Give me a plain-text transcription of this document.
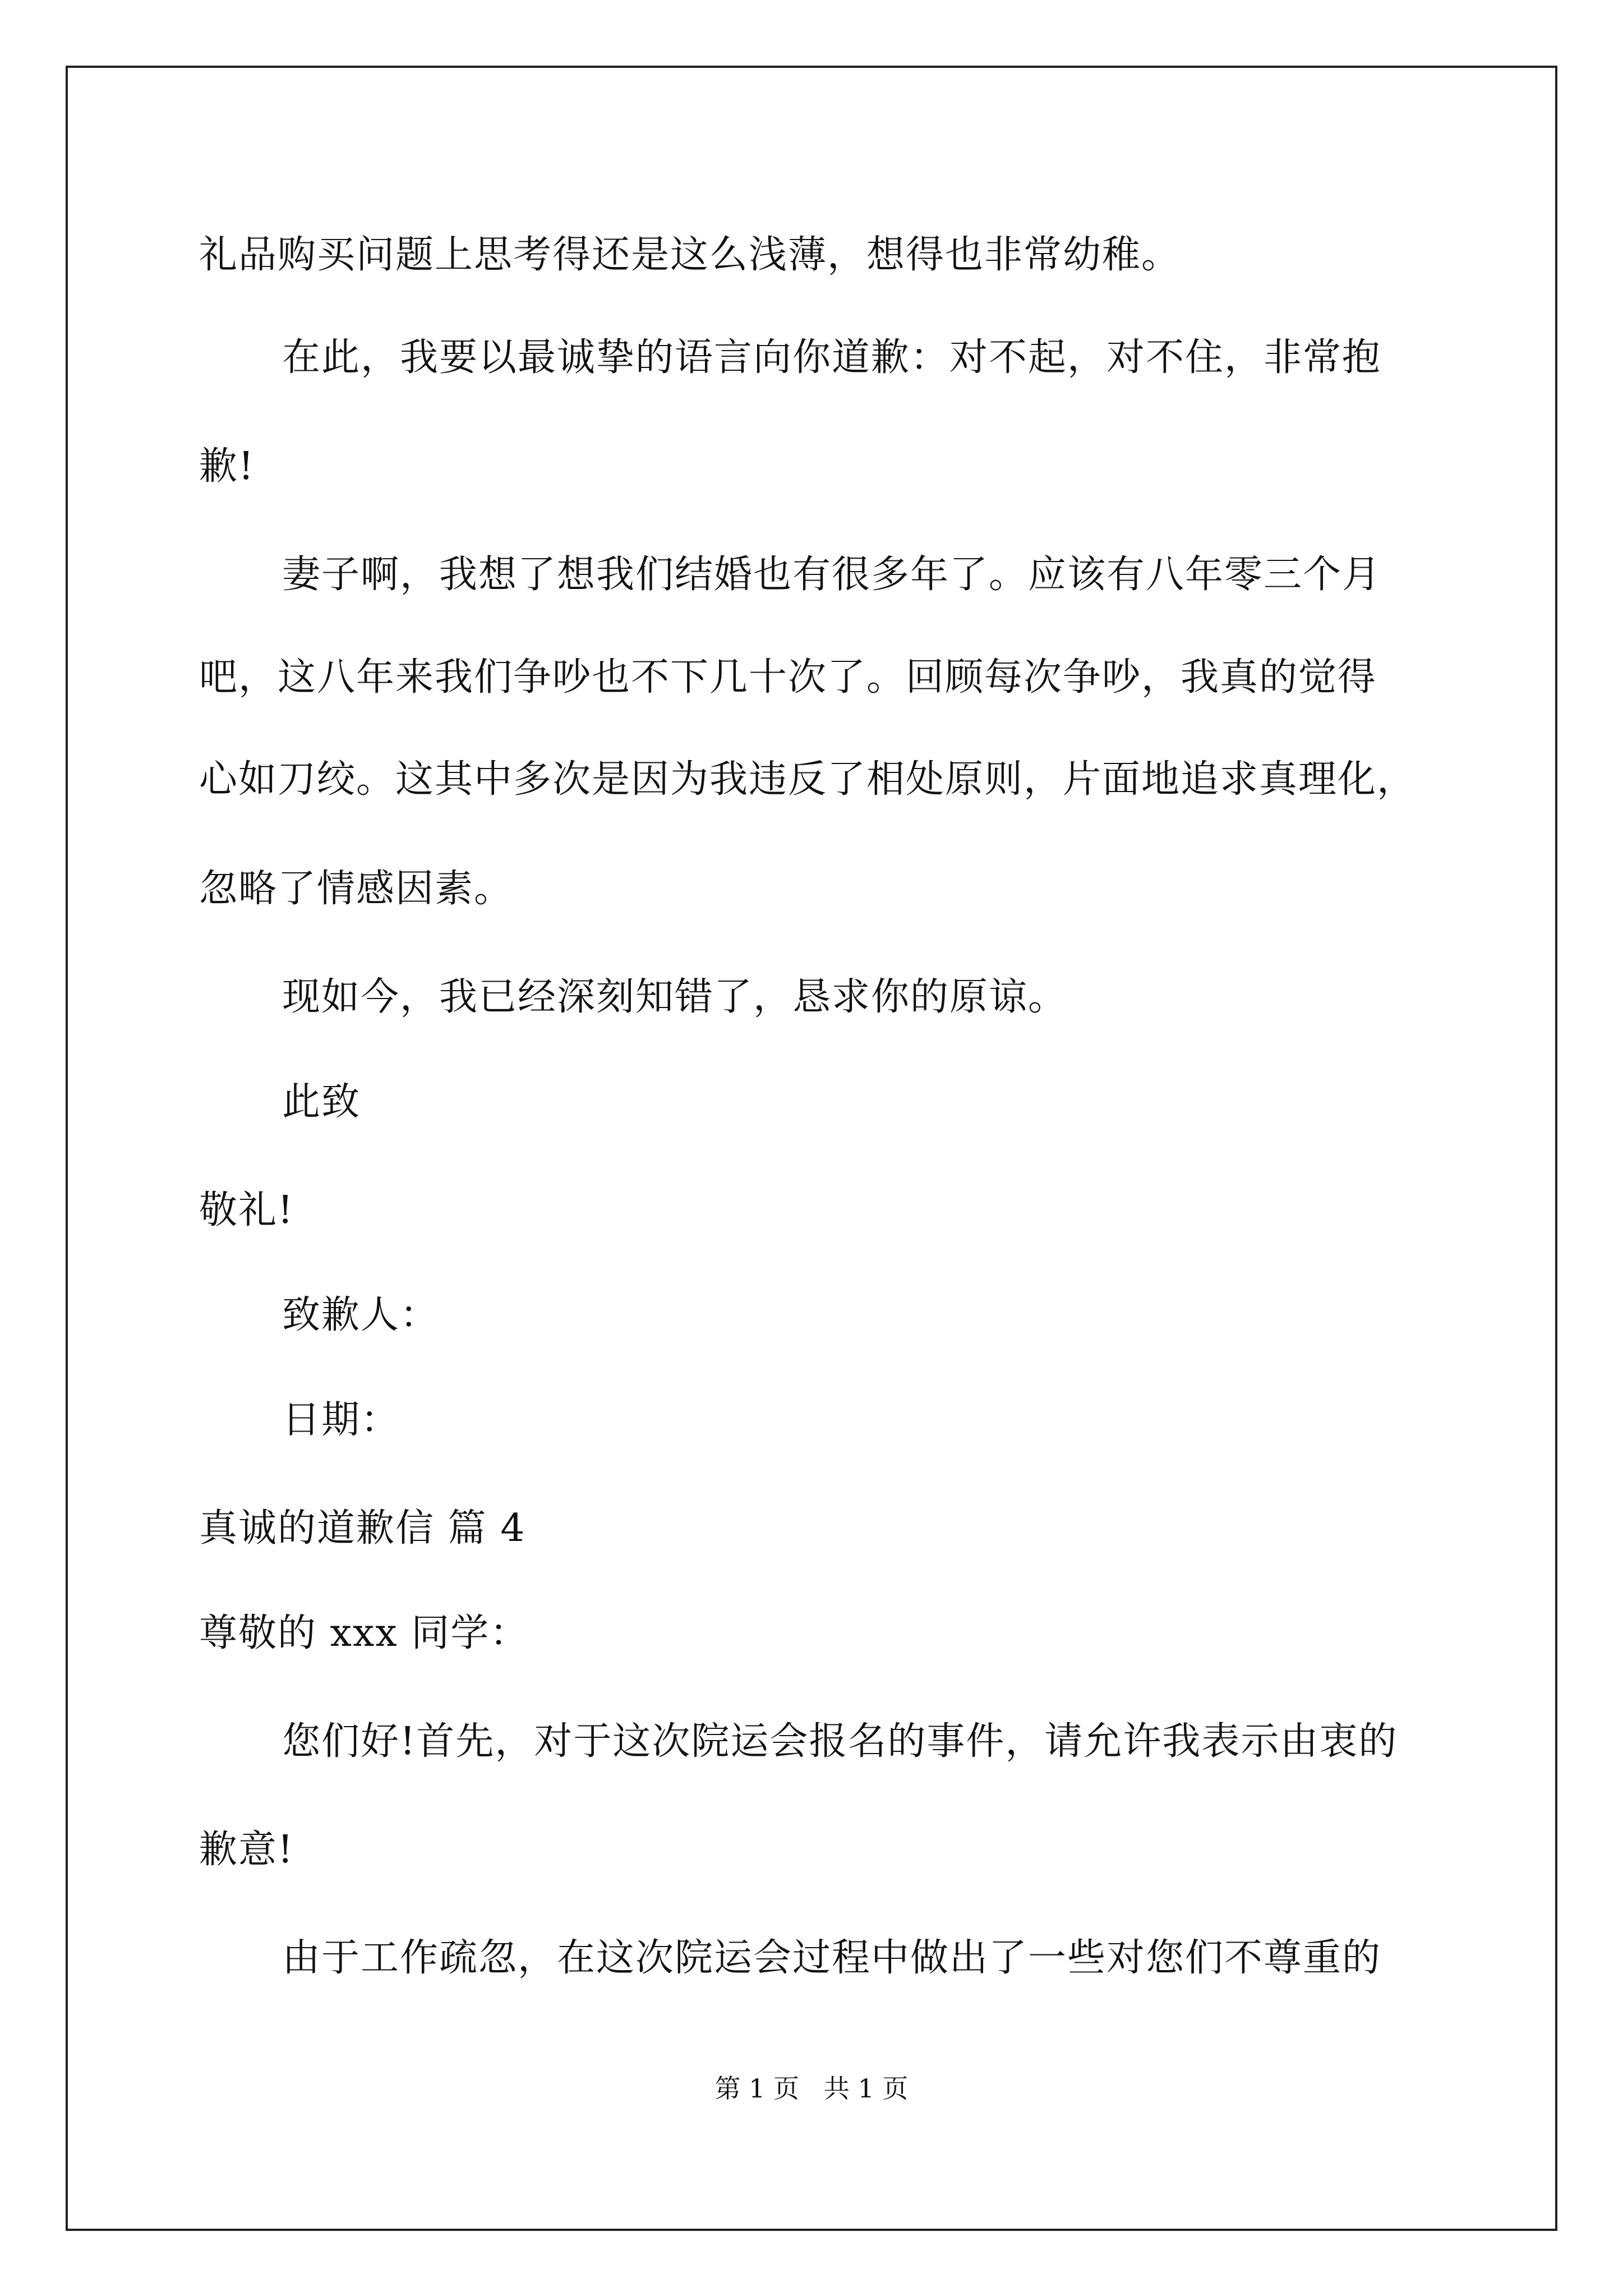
礼品购买问题上思考得还是这么浅薄，想得也非常幼稚。
在此，我要以最诚挚的语言向你道歉：对不起，对不住，非常抱
歉!
妻子啊，我想了想我们结婚也有很多年了。应该有八年零三个月
吧，这八年来我们争吵也不下几十次了。回顾每次争吵，我真的觉得
心如刀绞。这其中多次是因为我违反了相处原则，片面地追求真理化，
忽略了情感因素。
现如今，我已经深刻知错了，恳求你的原谅。
此致
敬礼!
致歉人：
日期：
真诚的道歉信 篇 4
尊敬的 xxx 同学：
您们好!首先，对于这次院运会报名的事件，请允许我表示由衷的
歉意!
由于工作疏忽，在这次院运会过程中做出了一些对您们不尊重的
第 1 页   共 1 页
